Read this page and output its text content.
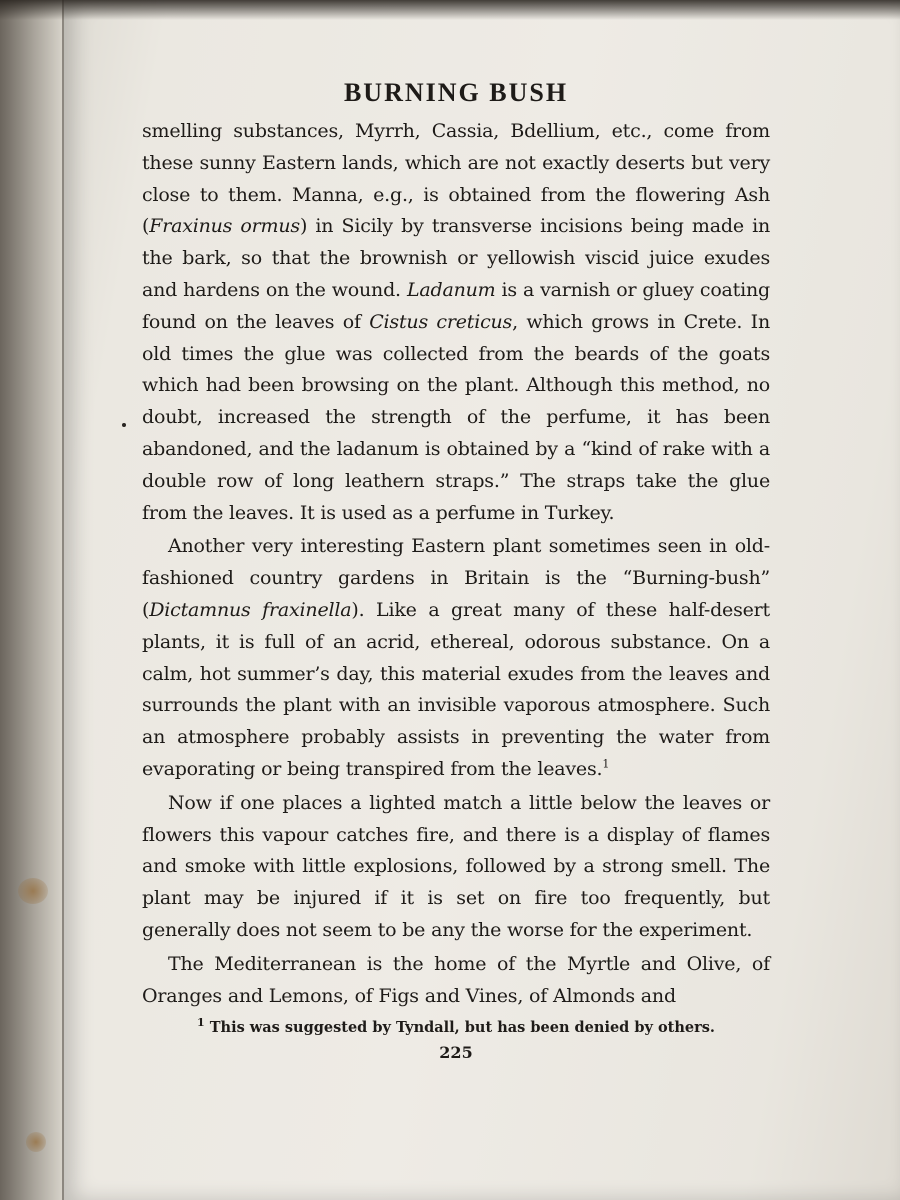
BURNING BUSH

smelling substances, Myrrh, Cassia, Bdellium, etc., come from these sunny Eastern lands, which are not exactly deserts but very close to them. Manna, e.g., is obtained from the flowering Ash (Fraxinus ormus) in Sicily by transverse incisions being made in the bark, so that the brownish or yellowish viscid juice exudes and hardens on the wound. Ladanum is a varnish or gluey coating found on the leaves of Cistus creticus, which grows in Crete. In old times the glue was collected from the beards of the goats which had been browsing on the plant. Although this method, no doubt, increased the strength of the perfume, it has been abandoned, and the ladanum is obtained by a “kind of rake with a double row of long leathern straps.” The straps take the glue from the leaves. It is used as a perfume in Turkey.

Another very interesting Eastern plant sometimes seen in old-fashioned country gardens in Britain is the “Burning-bush” (Dictamnus fraxinella). Like a great many of these half-desert plants, it is full of an acrid, ethereal, odorous substance. On a calm, hot summer’s day, this material exudes from the leaves and surrounds the plant with an invisible vaporous atmosphere. Such an atmosphere probably assists in preventing the water from evaporating or being transpired from the leaves.$^1$

Now if one places a lighted match a little below the leaves or flowers this vapour catches fire, and there is a display of flames and smoke with little explosions, followed by a strong smell. The plant may be injured if it is set on fire too frequently, but generally does not seem to be any the worse for the experiment.

The Mediterranean is the home of the Myrtle and Olive, of Oranges and Lemons, of Figs and Vines, of Almonds and

$^1$ This was suggested by Tyndall, but has been denied by others.
225
